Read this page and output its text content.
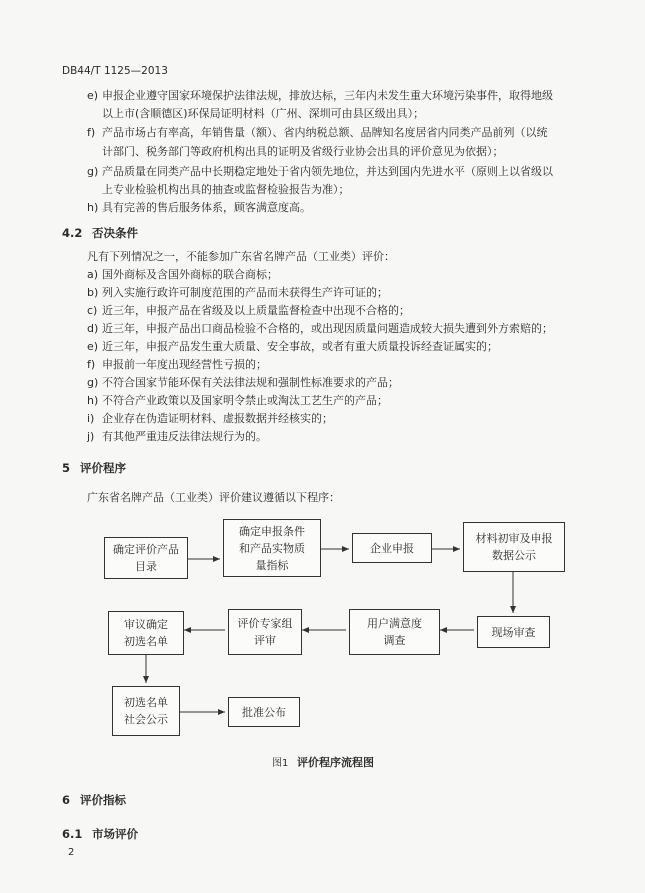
DB44/T 1125—2013
e) 申报企业遵守国家环境保护法律法规，排放达标，三年内未发生重大环境污染事件，取得地级
以上市(含顺德区)环保局证明材料（广州、深圳可由县区级出具）；
f) 产品市场占有率高，年销售量（额）、省内纳税总额、品牌知名度居省内同类产品前列（以统
计部门、税务部门等政府机构出具的证明及省级行业协会出具的评价意见为依据）；
g) 产品质量在同类产品中长期稳定地处于省内领先地位，并达到国内先进水平（原则上以省级以
上专业检验机构出具的抽查或监督检验报告为准）；
h) 具有完善的售后服务体系，顾客满意度高。
4.2 否决条件
凡有下列情况之一，不能参加广东省名牌产品（工业类）评价：
a) 国外商标及含国外商标的联合商标；
b) 列入实施行政许可制度范围的产品而未获得生产许可证的；
c) 近三年，申报产品在省级及以上质量监督检查中出现不合格的；
d) 近三年，申报产品出口商品检验不合格的，或出现因质量问题造成较大损失遭到外方索赔的；
e) 近三年，申报产品发生重大质量、安全事故，或者有重大质量投诉经查证属实的；
f) 申报前一年度出现经营性亏损的；
g) 不符合国家节能环保有关法律法规和强制性标准要求的产品；
h) 不符合产业政策以及国家明令禁止或淘汰工艺生产的产品；
i) 企业存在伪造证明材料、虚报数据并经核实的；
j) 有其他严重违反法律法规行为的。
5 评价程序
广东省名牌产品（工业类）评价建议遵循以下程序：
确定评价产品
目录
确定申报条件
和产品实物质
量指标
企业申报
材料初审及申报
数据公示
现场审查
用户满意度
调查
评价专家组
评审
审议确定
初选名单
初选名单
社会公示
批准公布
图1 评价程序流程图
6 评价指标
6.1 市场评价
2
